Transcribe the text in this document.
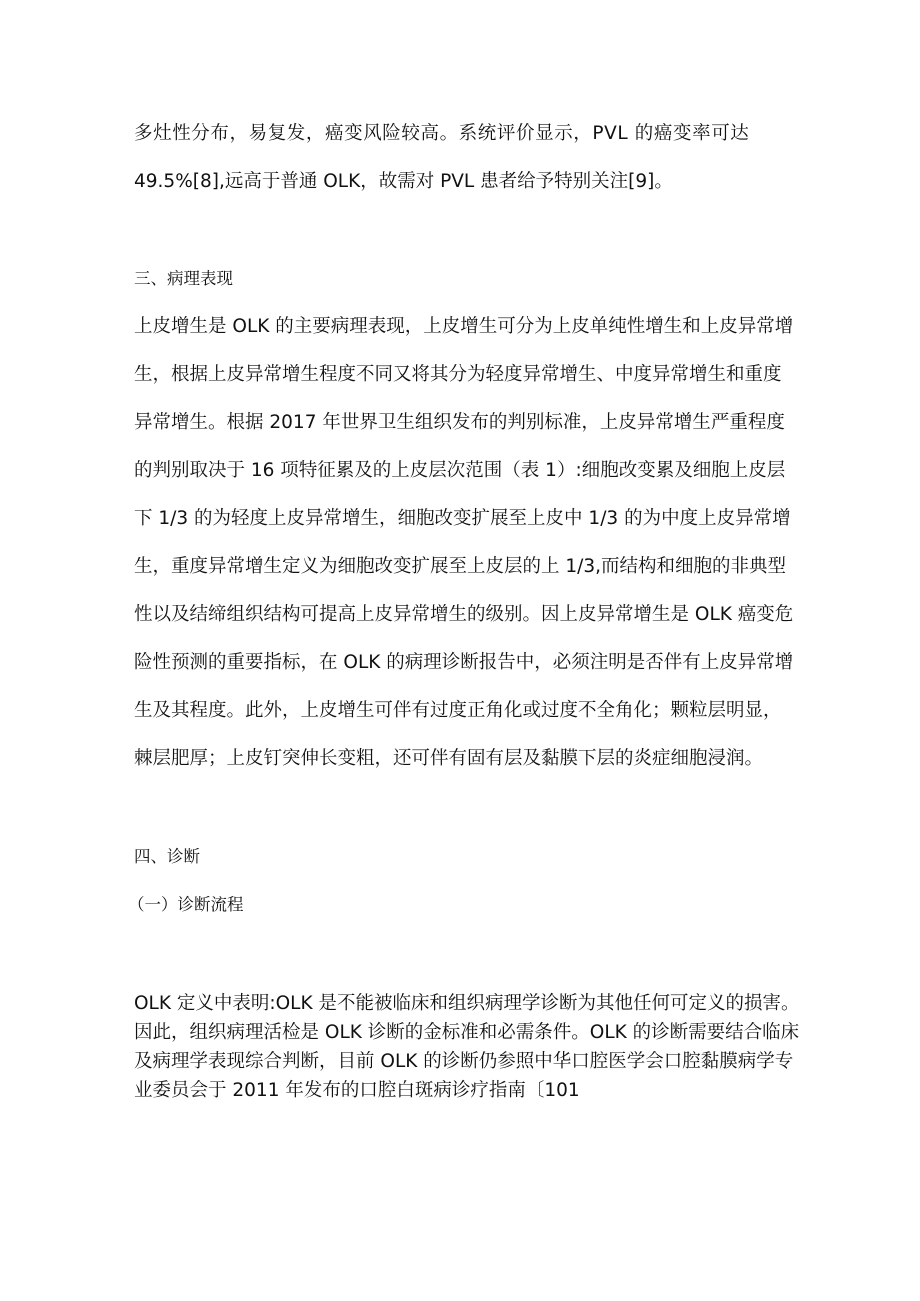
多灶性分布，易复发，癌变风险较高。系统评价显示，PVL 的癌变率可达

49.5%[8],远高于普通 OLK，故需对 PVL 患者给予特别关注[9]。

三、病理表现

上皮增生是 OLK 的主要病理表现，上皮增生可分为上皮单纯性增生和上皮异常增

生，根据上皮异常增生程度不同又将其分为轻度异常增生、中度异常增生和重度

异常增生。根据 2017 年世界卫生组织发布的判别标准，上皮异常增生严重程度

的判别取决于 16 项特征累及的上皮层次范围（表 1）:细胞改变累及细胞上皮层

下 1/3 的为轻度上皮异常增生，细胞改变扩展至上皮中 1/3 的为中度上皮异常增

生，重度异常增生定义为细胞改变扩展至上皮层的上 1/3,而结构和细胞的非典型

性以及结缔组织结构可提高上皮异常增生的级别。因上皮异常增生是 OLK 癌变危

险性预测的重要指标，在 OLK 的病理诊断报告中，必须注明是否伴有上皮异常增

生及其程度。此外，上皮增生可伴有过度正角化或过度不全角化；颗粒层明显，

棘层肥厚；上皮钉突伸长变粗，还可伴有固有层及黏膜下层的炎症细胞浸润。

四、诊断

（一）诊断流程

OLK 定义中表明:OLK 是不能被临床和组织病理学诊断为其他任何可定义的损害。

因此，组织病理活检是 OLK 诊断的金标准和必需条件。OLK 的诊断需要结合临床

及病理学表现综合判断，目前 OLK 的诊断仍参照中华口腔医学会口腔黏膜病学专

业委员会于 2011 年发布的口腔白斑病诊疗指南〔101
